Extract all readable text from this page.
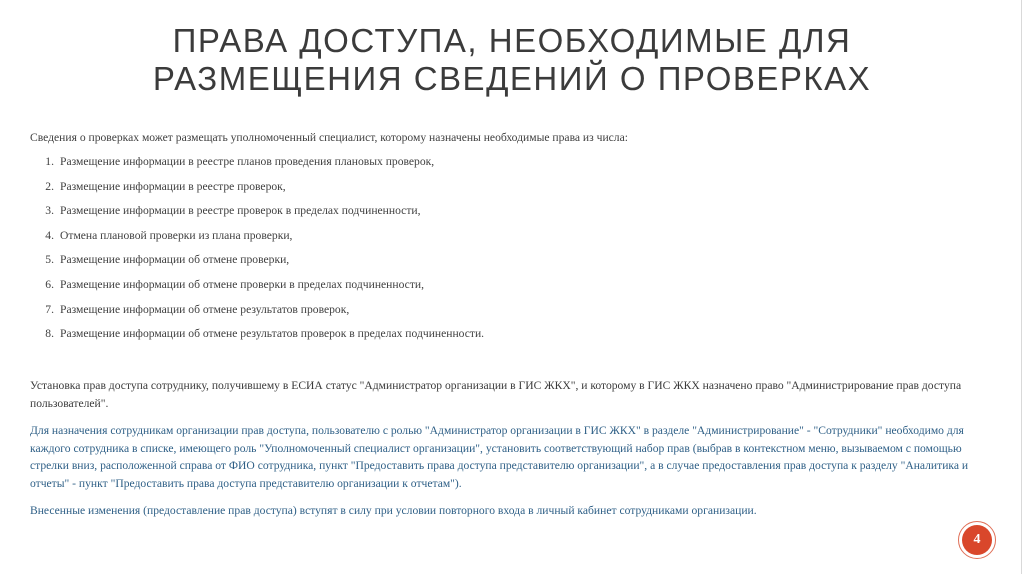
ПРАВА ДОСТУПА, НЕОБХОДИМЫЕ ДЛЯ
РАЗМЕЩЕНИЯ СВЕДЕНИЙ О ПРОВЕРКАХ
Сведения о проверках может размещать уполномоченный специалист, которому назначены необходимые права из числа:
1. Размещение информации в реестре планов проведения плановых проверок,
2. Размещение информации в реестре проверок,
3. Размещение информации в реестре проверок в пределах подчиненности,
4. Отмена плановой проверки из плана проверки,
5. Размещение информации об отмене проверки,
6. Размещение информации об отмене проверки в пределах подчиненности,
7. Размещение информации об отмене результатов проверок,
8. Размещение информации об отмене результатов проверок в пределах подчиненности.
Установка прав доступа сотруднику, получившему в ЕСИА статус "Администратор организации в ГИС ЖКХ", и которому в ГИС ЖКХ назначено право "Администрирование прав доступа пользователей".
Для назначения сотрудникам организации прав доступа, пользователю с ролью "Администратор организации в ГИС ЖКХ" в разделе "Администрирование" - "Сотрудники" необходимо для каждого сотрудника в списке, имеющего роль "Уполномоченный специалист организации", установить соответствующий набор прав (выбрав в контекстном меню, вызываемом с помощью стрелки вниз, расположенной справа от ФИО сотрудника, пункт "Предоставить права доступа представителю организации", а в случае предоставления прав доступа к разделу "Аналитика и отчеты" - пункт "Предоставить права доступа представителю организации к отчетам").
Внесенные изменения (предоставление прав доступа) вступят в силу при условии повторного входа в личный кабинет сотрудниками организации.
4
